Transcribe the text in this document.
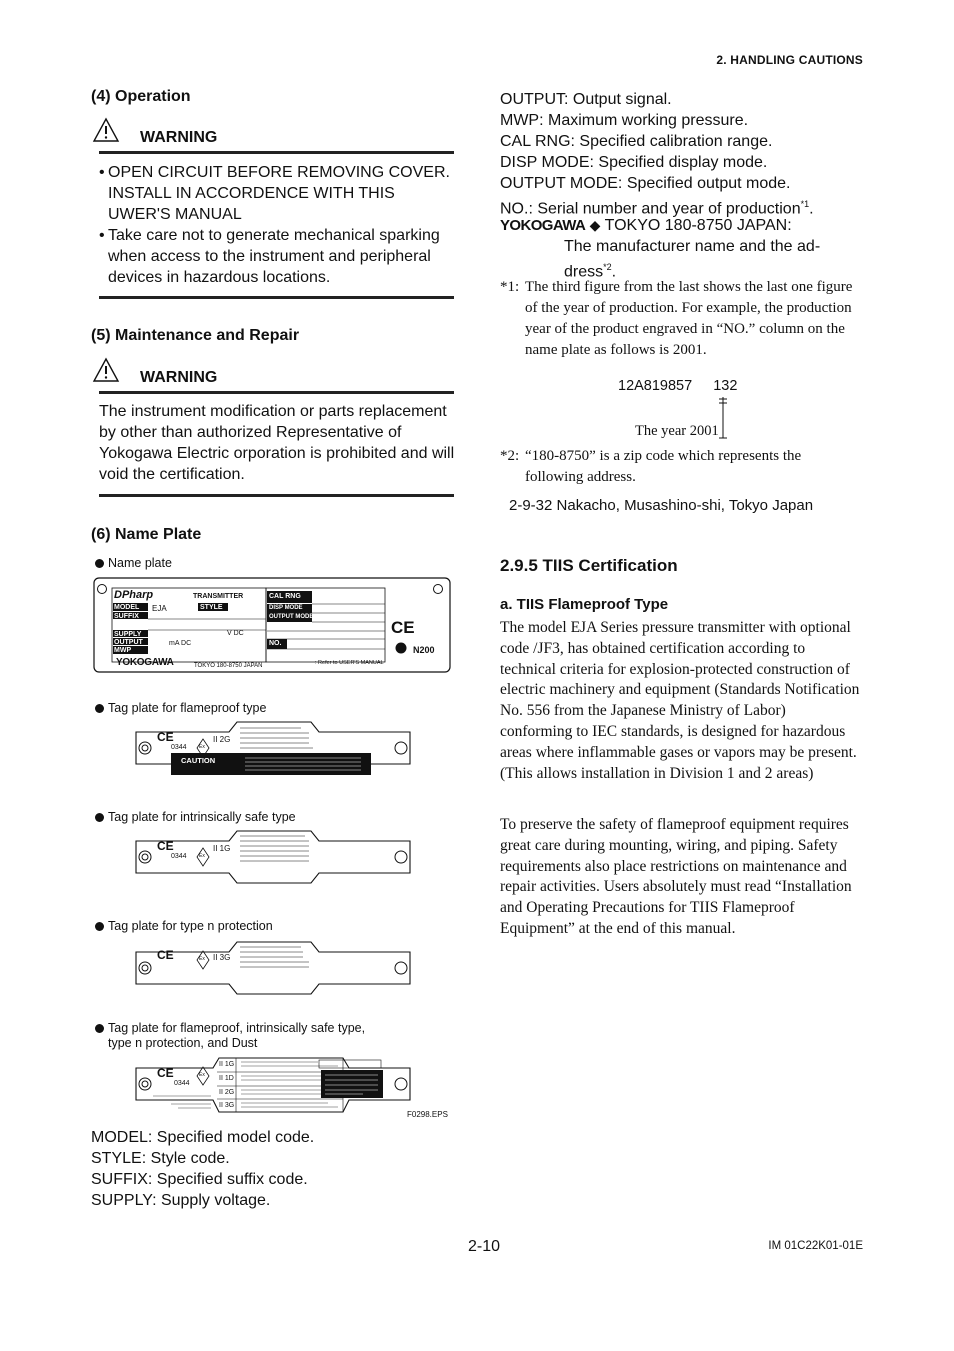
2. HANDLING CAUTIONS
(4) Operation
WARNING
• OPEN CIRCUIT BEFORE REMOVING COVER. INSTALL IN ACCORDENCE WITH THIS UWER'S MANUAL
• Take care not to generate mechanical sparking when access to the instrument and peripheral devices in hazardous locations.
(5) Maintenance and Repair
WARNING
The instrument modification or parts replacement by other than authorized Representative of Yokogawa Electric orporation is prohibited and will void the certification.
(6) Name Plate
Name plate
DPharp	TRANSMITTER
MODEL EJA	STYLE
SUFFIX
SUPPLY
OUTPUT
MWP
V DC
mA DC
CAL RNG
DISP MODE
OUTPUT MODE
NO.
YOKOGAWA	TOKYO 180-8750 JAPAN	: Refer to USER'S MANUAL
CE
N200
Tag plate for flameproof type
CE
0344 Ex
II 2G
CAUTION
Tag plate for intrinsically safe type
CE
0344 Ex
II 1G
Tag plate for type n protection
CE	Ex II 3G
Tag plate for flameproof, intrinsically safe type,
type n protection, and Dust
CE
0344
Ex
II 1G
II 1D
II 2G
II 3G
F0298.EPS
MODEL: Specified model code.
STYLE: Style code.
SUFFIX: Specified suffix code.
SUPPLY: Supply voltage.
OUTPUT: Output signal.
MWP: Maximum working pressure.
CAL RNG: Specified calibration range.
DISP MODE: Specified display mode.
OUTPUT MODE: Specified output mode.
NO.: Serial number and year of production$^{*1}$.
YOKOGAWA ◆ TOKYO 180-8750 JAPAN:
The manufacturer name and the ad-
dress$^{*2}$.
*1: The third figure from the last shows the last one figure of the year of production. For example, the production year of the product engraved in “NO.” column on the name plate as follows is 2001.
12A819857 132
The year 2001
*2: “180-8750” is a zip code which represents the following address.
2-9-32 Nakacho, Musashino-shi, Tokyo Japan
2.9.5 TIIS Certification
a. TIIS Flameproof Type
The model EJA Series pressure transmitter with optional code /JF3, has obtained certification according to technical criteria for explosion-protected construction of electric machinery and equipment (Standards Notification No. 556 from the Japanese Ministry of Labor) conforming to IEC standards, is designed for hazardous areas where inflammable gases or vapors may be present. (This allows installation in Division 1 and 2 areas)
To preserve the safety of flameproof equipment requires great care during mounting, wiring, and piping. Safety requirements also place restrictions on maintenance and repair activities. Users absolutely must read “Installation and Operating Precautions for TIIS Flameproof Equipment” at the end of this manual.
2-10	IM 01C22K01-01E
